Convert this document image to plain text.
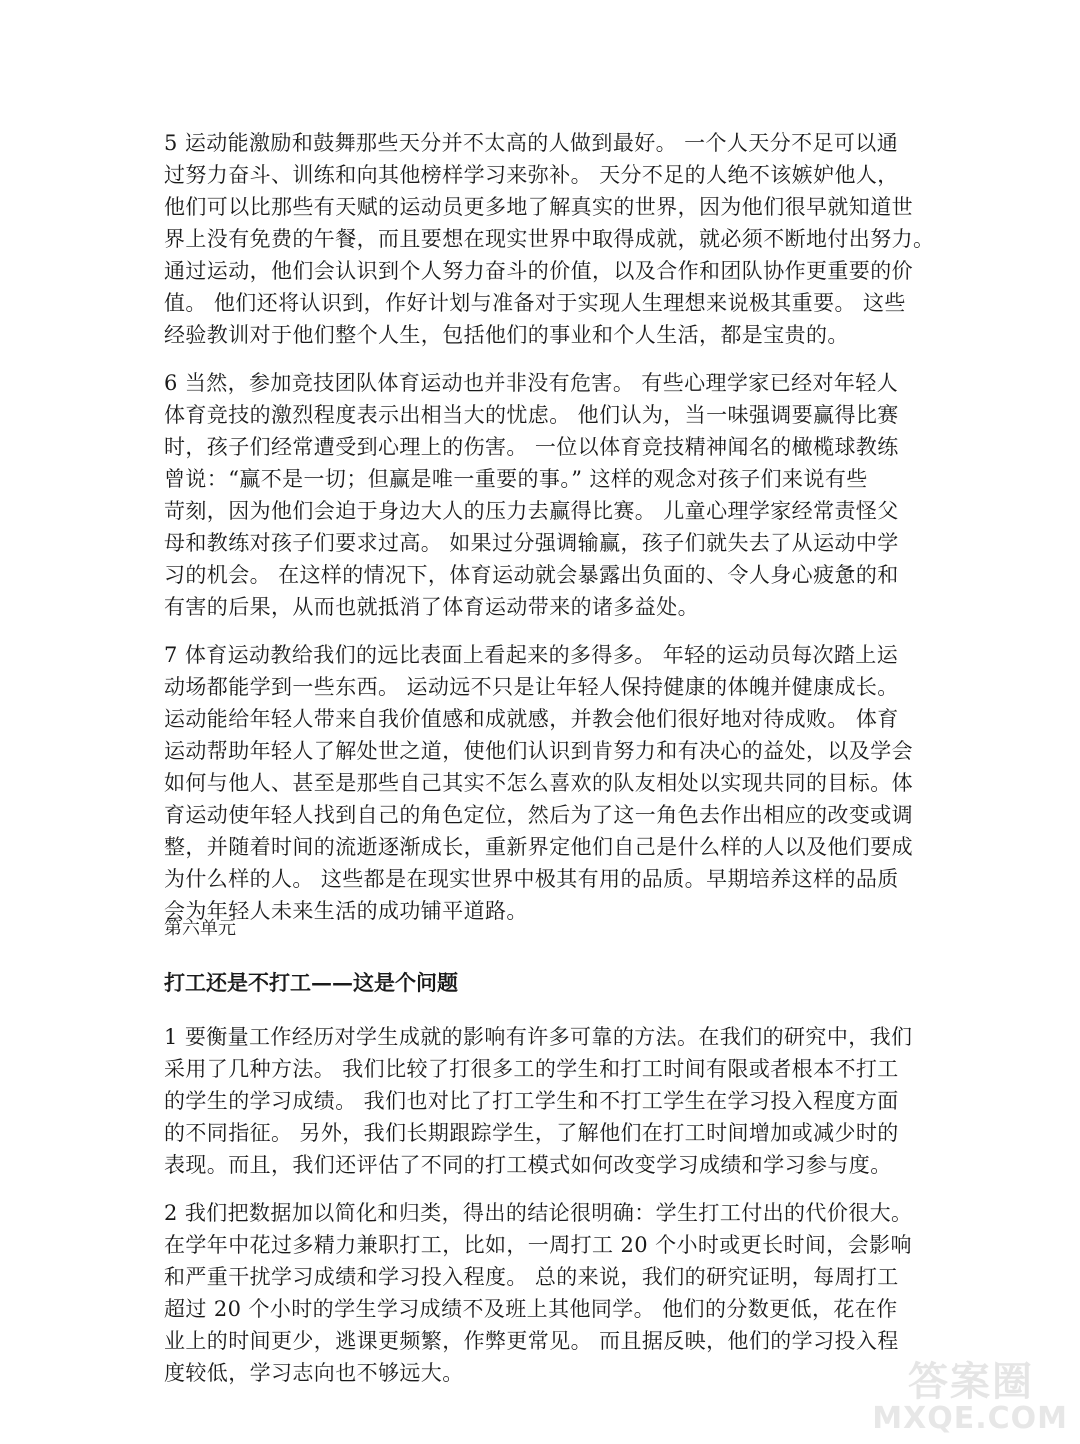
5 运动能激励和鼓舞那些天分并不太高的人做到最好。 一个人天分不足可以通
过努力奋斗、训练和向其他榜样学习来弥补。 天分不足的人绝不该嫉妒他人，
他们可以比那些有天赋的运动员更多地了解真实的世界，因为他们很早就知道世
界上没有免费的午餐，而且要想在现实世界中取得成就，就必须不断地付出努力。
通过运动，他们会认识到个人努力奋斗的价值，以及合作和团队协作更重要的价
值。 他们还将认识到，作好计划与准备对于实现人生理想来说极其重要。 这些
经验教训对于他们整个人生，包括他们的事业和个人生活，都是宝贵的。
6 当然，参加竞技团队体育运动也并非没有危害。 有些心理学家已经对年轻人
体育竞技的激烈程度表示出相当大的忧虑。 他们认为，当一味强调要赢得比赛
时，孩子们经常遭受到心理上的伤害。 一位以体育竞技精神闻名的橄榄球教练
曾说：“赢不是一切；但赢是唯一重要的事。” 这样的观念对孩子们来说有些
苛刻，因为他们会迫于身边大人的压力去赢得比赛。 儿童心理学家经常责怪父
母和教练对孩子们要求过高。 如果过分强调输赢，孩子们就失去了从运动中学
习的机会。 在这样的情况下，体育运动就会暴露出负面的、令人身心疲惫的和
有害的后果，从而也就抵消了体育运动带来的诸多益处。
7 体育运动教给我们的远比表面上看起来的多得多。 年轻的运动员每次踏上运
动场都能学到一些东西。 运动远不只是让年轻人保持健康的体魄并健康成长。
运动能给年轻人带来自我价值感和成就感，并教会他们很好地对待成败。 体育
运动帮助年轻人了解处世之道，使他们认识到肯努力和有决心的益处，以及学会
如何与他人、甚至是那些自己其实不怎么喜欢的队友相处以实现共同的目标。体
育运动使年轻人找到自己的角色定位，然后为了这一角色去作出相应的改变或调
整，并随着时间的流逝逐渐成长，重新界定他们自己是什么样的人以及他们要成
为什么样的人。 这些都是在现实世界中极其有用的品质。早期培养这样的品质
会为年轻人未来生活的成功铺平道路。
第六单元
打工还是不打工——这是个问题
1 要衡量工作经历对学生成就的影响有许多可靠的方法。在我们的研究中，我们
采用了几种方法。 我们比较了打很多工的学生和打工时间有限或者根本不打工
的学生的学习成绩。 我们也对比了打工学生和不打工学生在学习投入程度方面
的不同指征。 另外，我们长期跟踪学生，了解他们在打工时间增加或减少时的
表现。而且，我们还评估了不同的打工模式如何改变学习成绩和学习参与度。
2 我们把数据加以简化和归类，得出的结论很明确：学生打工付出的代价很大。
在学年中花过多精力兼职打工，比如，一周打工 20 个小时或更长时间，会影响
和严重干扰学习成绩和学习投入程度。 总的来说，我们的研究证明，每周打工
超过 20 个小时的学生学习成绩不及班上其他同学。 他们的分数更低，花在作
业上的时间更少，逃课更频繁，作弊更常见。 而且据反映，他们的学习投入程
度较低，学习志向也不够远大。	答案圈
MXQE.COM
